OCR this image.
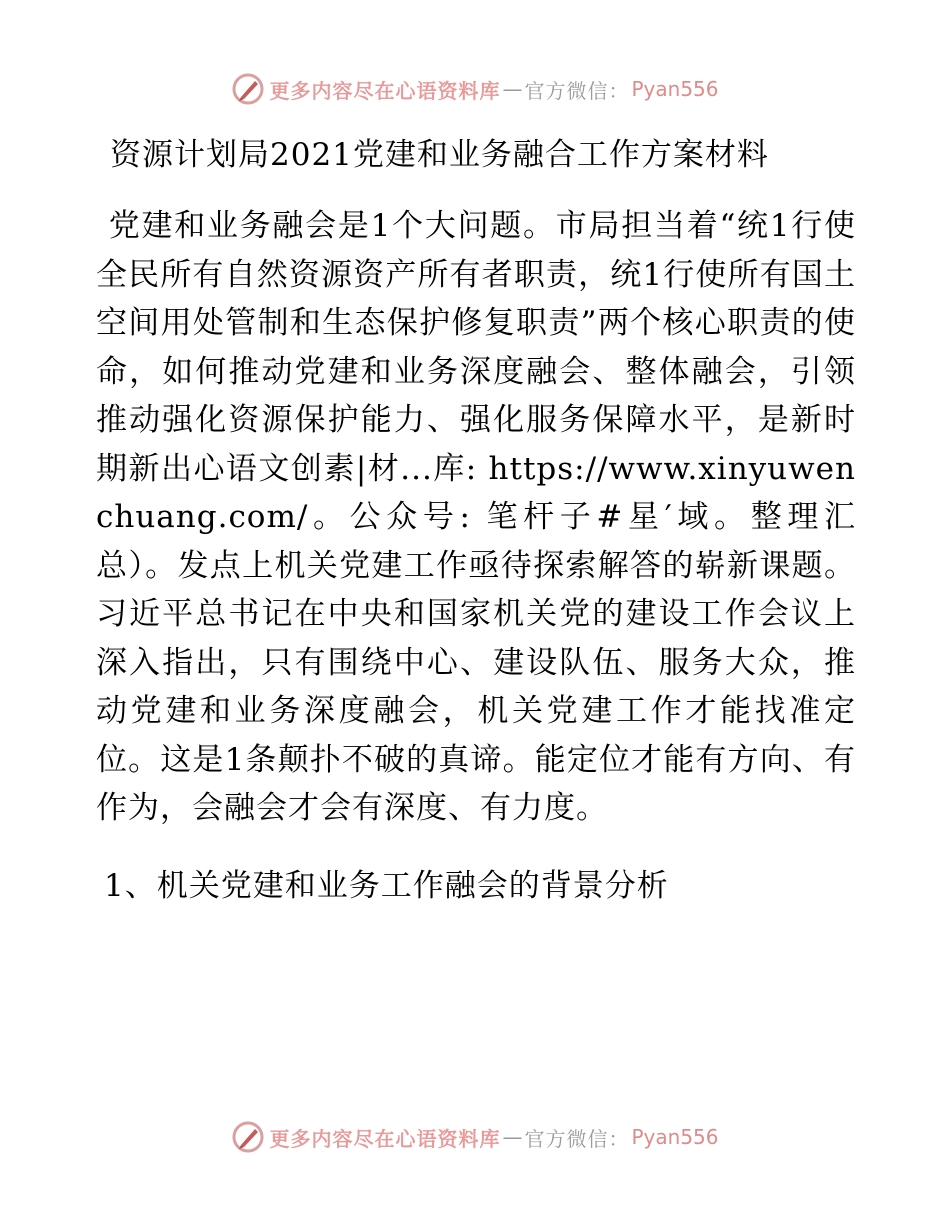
更多内容尽在心语资料库 — 官方微信： Pyan556
资源计划局2021党建和业务融合工作方案材料
党建和业务融会是1个大问题。市局担当着“统1行使全民所有自然资源资产所有者职责，统1行使所有国土空间用处管制和生态保护修复职责”两个核心职责的使命，如何推动党建和业务深度融会、整体融会，引领推动强化资源保护能力、强化服务保障水平，是新时期新出心语文创素|材...库: https://www.xinyuwenchuang.com/。公众号: 笔杆子#星′域。整理汇总）。发点上机关党建工作亟待探索解答的崭新课题。习近平总书记在中央和国家机关党的建设工作会议上深入指出，只有围绕中心、建设队伍、服务大众，推动党建和业务深度融会，机关党建工作才能找准定位。这是1条颠扑不破的真谛。能定位才能有方向、有作为，会融会才会有深度、有力度。
1、机关党建和业务工作融会的背景分析
更多内容尽在心语资料库 — 官方微信： Pyan556
